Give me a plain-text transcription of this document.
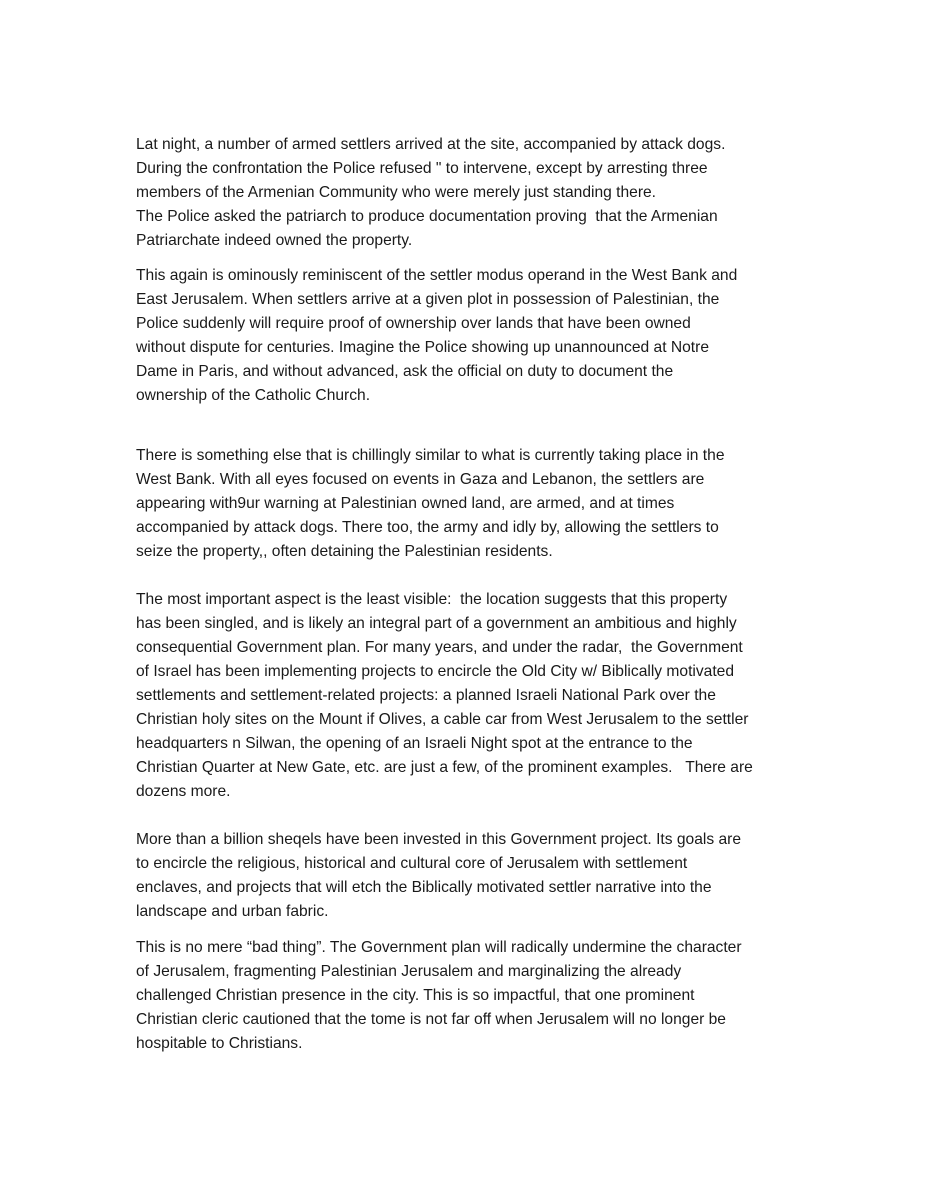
Lat night, a number of armed settlers arrived at the site, accompanied by attack dogs.
During the confrontation the Police refused " to intervene, except by arresting three
members of the Armenian Community who were merely just standing there.
The Police asked the patriarch to produce documentation proving  that the Armenian
Patriarchate indeed owned the property.
This again is ominously reminiscent of the settler modus operand in the West Bank and
East Jerusalem. When settlers arrive at a given plot in possession of Palestinian, the
Police suddenly will require proof of ownership over lands that have been owned
without dispute for centuries. Imagine the Police showing up unannounced at Notre
Dame in Paris, and without advanced, ask the official on duty to document the
ownership of the Catholic Church.
There is something else that is chillingly similar to what is currently taking place in the
West Bank. With all eyes focused on events in Gaza and Lebanon, the settlers are
appearing with9ur warning at Palestinian owned land, are armed, and at times
accompanied by attack dogs. There too, the army and idly by, allowing the settlers to
seize the property,, often detaining the Palestinian residents.
The most important aspect is the least visible:  the location suggests that this property
has been singled, and is likely an integral part of a government an ambitious and highly
consequential Government plan. For many years, and under the radar,  the Government
of Israel has been implementing projects to encircle the Old City w/ Biblically motivated
settlements and settlement-related projects: a planned Israeli National Park over the
Christian holy sites on the Mount if Olives, a cable car from West Jerusalem to the settler
headquarters n Silwan, the opening of an Israeli Night spot at the entrance to the
Christian Quarter at New Gate, etc. are just a few, of the prominent examples.   There are
dozens more.
More than a billion sheqels have been invested in this Government project. Its goals are
to encircle the religious, historical and cultural core of Jerusalem with settlement
enclaves, and projects that will etch the Biblically motivated settler narrative into the
landscape and urban fabric.
This is no mere “bad thing”. The Government plan will radically undermine the character
of Jerusalem, fragmenting Palestinian Jerusalem and marginalizing the already
challenged Christian presence in the city. This is so impactful, that one prominent
Christian cleric cautioned that the tome is not far off when Jerusalem will no longer be
hospitable to Christians.
